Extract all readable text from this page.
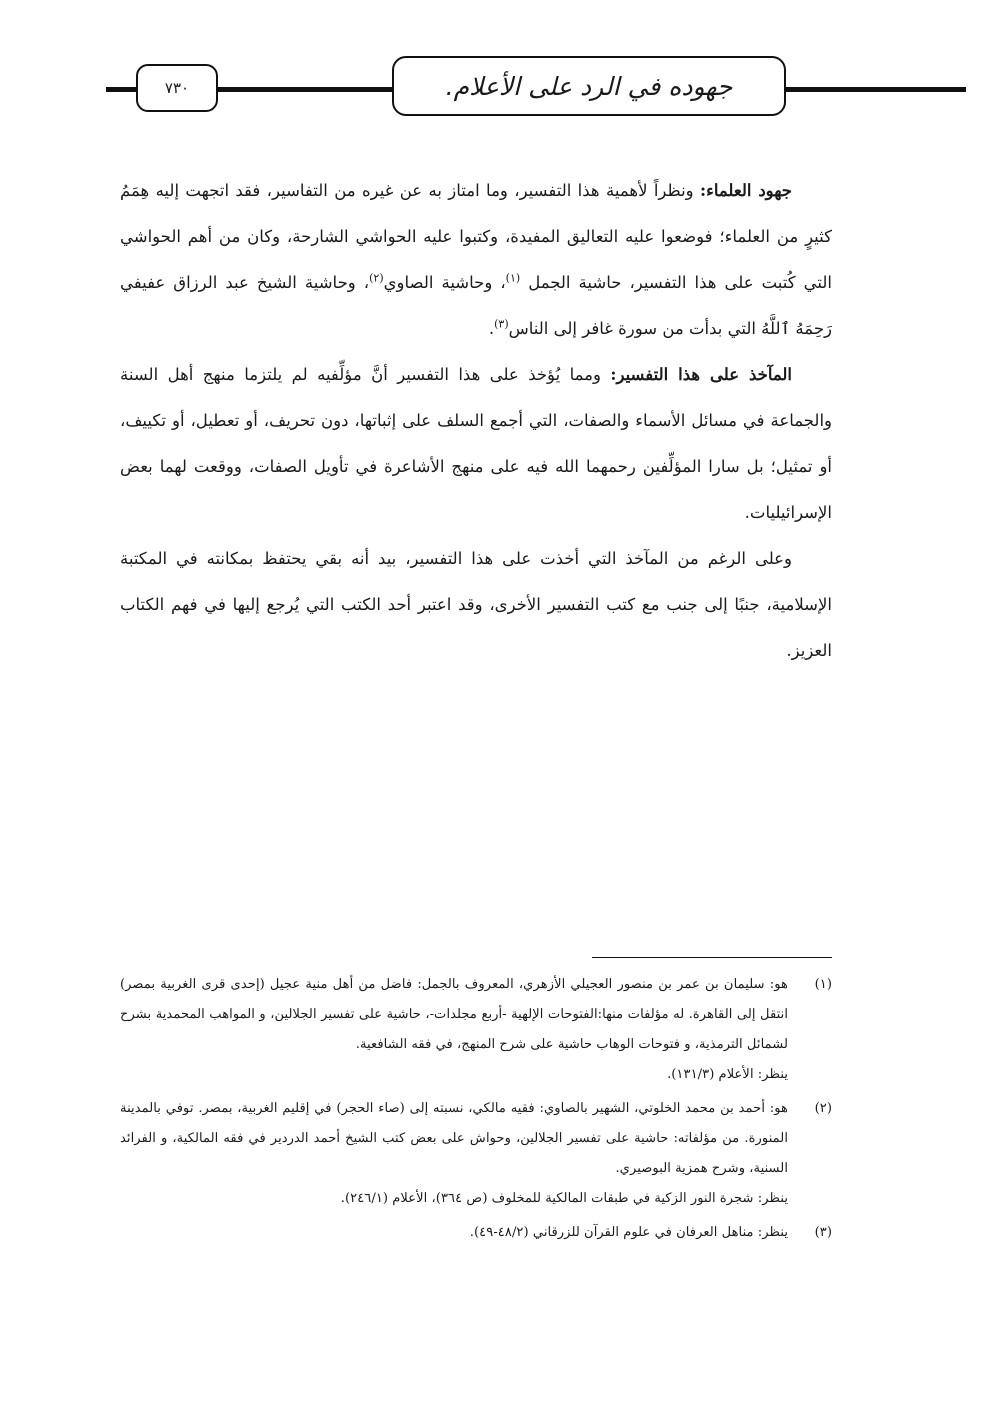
٧٣٠	جهوده في الرد على الأعلام.

جهود العلماء: ونظراً لأهمية هذا التفسير، وما امتاز به عن غيره من التفاسير، فقد اتجهت إليه هِمَمُ كثيرٍ من العلماء؛ فوضعوا عليه التعاليق المفيدة، وكتبوا عليه الحواشي الشارحة، وكان من أهم الحواشي التي كُتبت على هذا التفسير، حاشية الجمل $^{(١)}$، وحاشية الصاوي$^{(٢)}$، وحاشية الشيخ عبد الرزاق عفيفي رَحِمَهُ ٱللَّهُ التي بدأت من سورة غافر إلى الناس$^{(٣)}$.

المآخذ على هذا التفسير: ومما يُؤخذ على هذا التفسير أنَّ مؤلِّفيه لم يلتزما منهج أهل السنة والجماعة في مسائل الأسماء والصفات، التي أجمع السلف على إثباتها، دون تحريف، أو تعطيل، أو تكييف، أو تمثيل؛ بل سارا المؤلِّفين رحمهما الله فيه على منهج الأشاعرة في تأويل الصفات، ووقعت لهما بعض الإسرائيليات.

وعلى الرغم من المآخذ التي أخذت على هذا التفسير، بيد أنه بقي يحتفظ بمكانته في المكتبة الإسلامية، جنبًا إلى جنب مع كتب التفسير الأخرى، وقد اعتبر أحد الكتب التي يُرجع إليها في فهم الكتاب العزيز.

(١)
هو: سليمان بن عمر بن منصور العجيلي الأزهري، المعروف بالجمل: فاضل من أهل منية عجيل (إحدى قرى الغربية بمصر) انتقل إلى القاهرة. له مؤلفات منها:الفتوحات الإلهية -أربع مجلدات-، حاشية على تفسير الجلالين، و المواهب المحمدية بشرح لشمائل الترمذية، و فتوحات الوهاب حاشية على شرح المنهج، في فقه الشافعية.
ينظر: الأعلام (١٣١/٣).
(٢)
هو: أحمد بن محمد الخلوتي، الشهير بالصاوي: فقيه مالكي، نسبته إلى (صاء الحجر) في إقليم الغربية، بمصر. توفي بالمدينة المنورة. من مؤلفاته: حاشية على تفسير الجلالين، وحواش على بعض كتب الشيخ أحمد الدردير في فقه المالكية، و الفرائد السنية، وشرح همزية البوصيري.
ينظر: شجرة النور الزكية في طبقات المالكية للمخلوف (ص ٣٦٤)، الأعلام (٢٤٦/١).
(٣)
ينظر: مناهل العرفان في علوم القرآن للزرقاني (٤٨/٢-٤٩).
